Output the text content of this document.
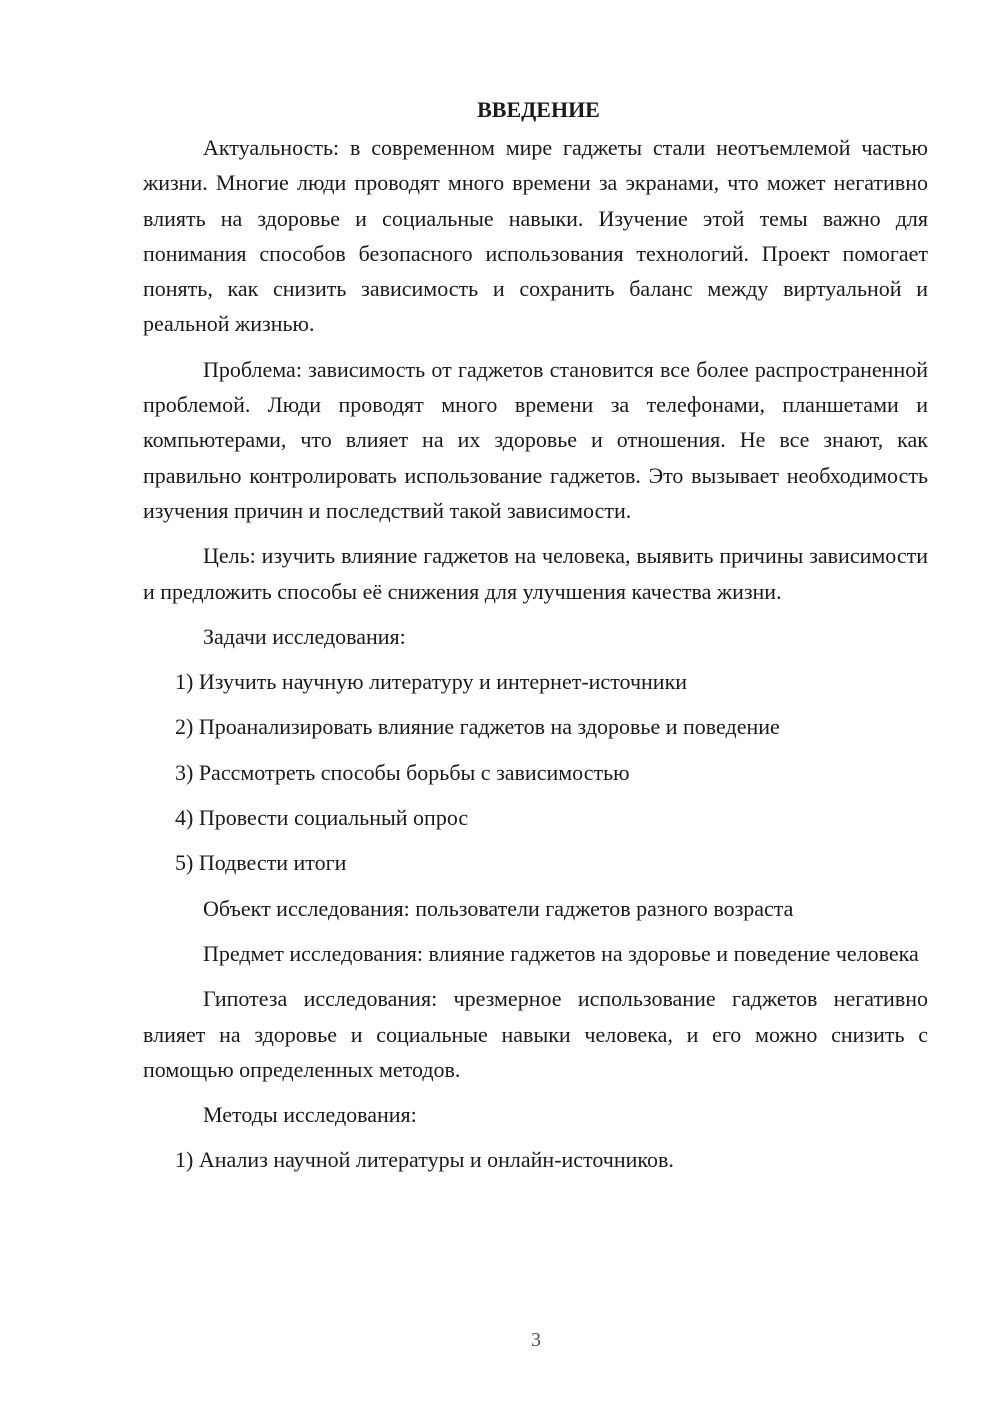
ВВЕДЕНИЕ

Актуальность: в современном мире гаджеты стали неотъемлемой частью жизни. Многие люди проводят много времени за экранами, что может негативно влиять на здоровье и социальные навыки. Изучение этой темы важно для понимания способов безопасного использования технологий. Проект помогает понять, как снизить зависимость и сохранить баланс между виртуальной и реальной жизнью.

Проблема: зависимость от гаджетов становится все более распространенной проблемой. Люди проводят много времени за телефонами, планшетами и компьютерами, что влияет на их здоровье и отношения. Не все знают, как правильно контролировать использование гаджетов. Это вызывает необходимость изучения причин и последствий такой зависимости.

Цель: изучить влияние гаджетов на человека, выявить причины зависимости и предложить способы её снижения для улучшения качества жизни.

Задачи исследования:

1) Изучить научную литературу и интернет-источники
2) Проанализировать влияние гаджетов на здоровье и поведение
3) Рассмотреть способы борьбы с зависимостью
4) Провести социальный опрос
5) Подвести итоги

Объект исследования: пользователи гаджетов разного возраста

Предмет исследования: влияние гаджетов на здоровье и поведение человека

Гипотеза исследования: чрезмерное использование гаджетов негативно влияет на здоровье и социальные навыки человека, и его можно снизить с помощью определенных методов.

Методы исследования:

1) Анализ научной литературы и онлайн-источников.
3
